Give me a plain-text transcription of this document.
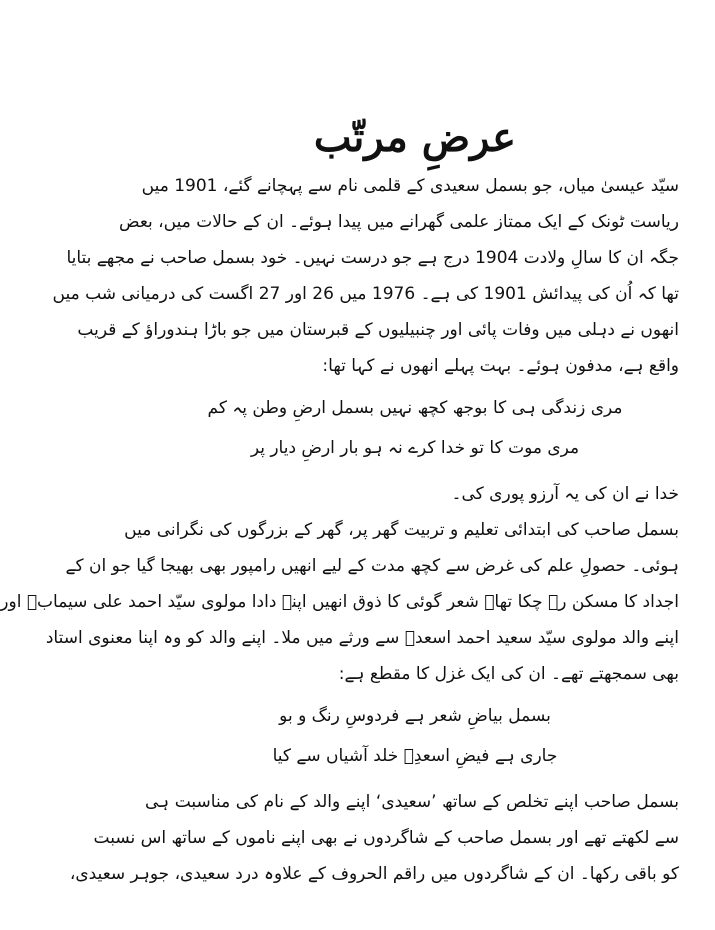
عرضِ مرتّب
سیّد عیسیٰ میاں، جو بسمل سعیدی کے قلمی نام سے پہچانے گئے، 1901 میں
ریاست ٹونک کے ایک ممتاز علمی گھرانے میں پیدا ہوئے۔ ان کے حالات میں، بعض
جگہ ان کا سالِ ولادت 1904 درج ہے جو درست نہیں۔ خود بسمل صاحب نے مجھے بتایا
تھا کہ اُن کی پیدائش 1901 کی ہے۔ 1976 میں 26 اور 27 اگست کی درمیانی شب میں
انھوں نے دہلی میں وفات پائی اور چنبیلیوں کے قبرستان میں جو باڑا ہندوراؤ کے قریب
واقع ہے، مدفون ہوئے۔ بہت پہلے انھوں نے کہا تھا:
مری زندگی ہی کا بوجھ کچھ نہیں بسمل ارضِ وطن پہ کم
مری موت کا تو خدا کرے نہ ہو بار ارضِ دیار پر
خدا نے ان کی یہ آرزو پوری کی۔
بسمل صاحب کی ابتدائی تعلیم و تربیت گھر پر، گھر کے بزرگوں کی نگرانی میں
ہوئی۔ حصولِ علم کی غرض سے کچھ مدت کے لیے انھیں رامپور بھی بھیجا گیا جو ان کے
اجداد کا مسکن رہ چکا تھا۔ شعر گوئی کا ذوق انھیں اپنے دادا مولوی سیّد احمد علی سیمابؔ اور
اپنے والد مولوی سیّد سعید احمد اسعدؔ سے ورثے میں ملا۔ اپنے والد کو وہ اپنا معنوی استاد
بھی سمجھتے تھے۔ ان کی ایک غزل کا مقطع ہے:
بسمل بیاضِ شعر ہے فردوسِ رنگ و بو
جاری ہے فیضِ اسعدِؔ خلد آشیاں سے کیا
بسمل صاحب اپنے تخلص کے ساتھ ’سعیدی‘ اپنے والد کے نام کی مناسبت ہی
سے لکھتے تھے اور بسمل صاحب کے شاگردوں نے بھی اپنے ناموں کے ساتھ اس نسبت
کو باقی رکھا۔ ان کے شاگردوں میں راقم الحروف کے علاوہ درد سعیدی، جوہر سعیدی،
